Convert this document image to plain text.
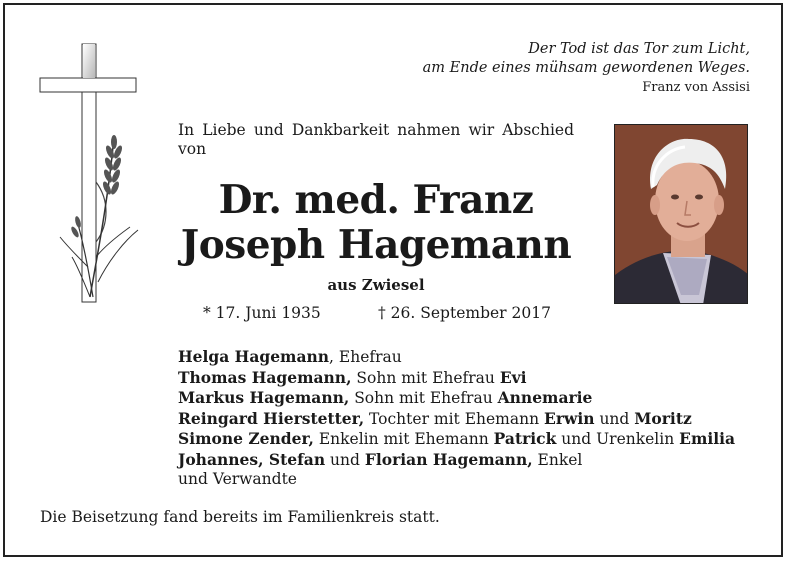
Der Tod ist das Tor zum Licht,
am Ende eines mühsam gewordenen Weges.
Franz von Assisi
In Liebe und Dankbarkeit nahmen wir Abschied von
Dr. med. Franz
Joseph Hagemann
aus Zwiesel
* 17. Juni 1935	† 26. September 2017
Helga Hagemann, Ehefrau
Thomas Hagemann, Sohn mit Ehefrau Evi
Markus Hagemann, Sohn mit Ehefrau Annemarie
Reingard Hierstetter, Tochter mit Ehemann Erwin und Moritz
Simone Zender, Enkelin mit Ehemann Patrick und Urenkelin Emilia
Johannes, Stefan und Florian Hagemann, Enkel
und Verwandte
Die Beisetzung fand bereits im Familienkreis statt.
